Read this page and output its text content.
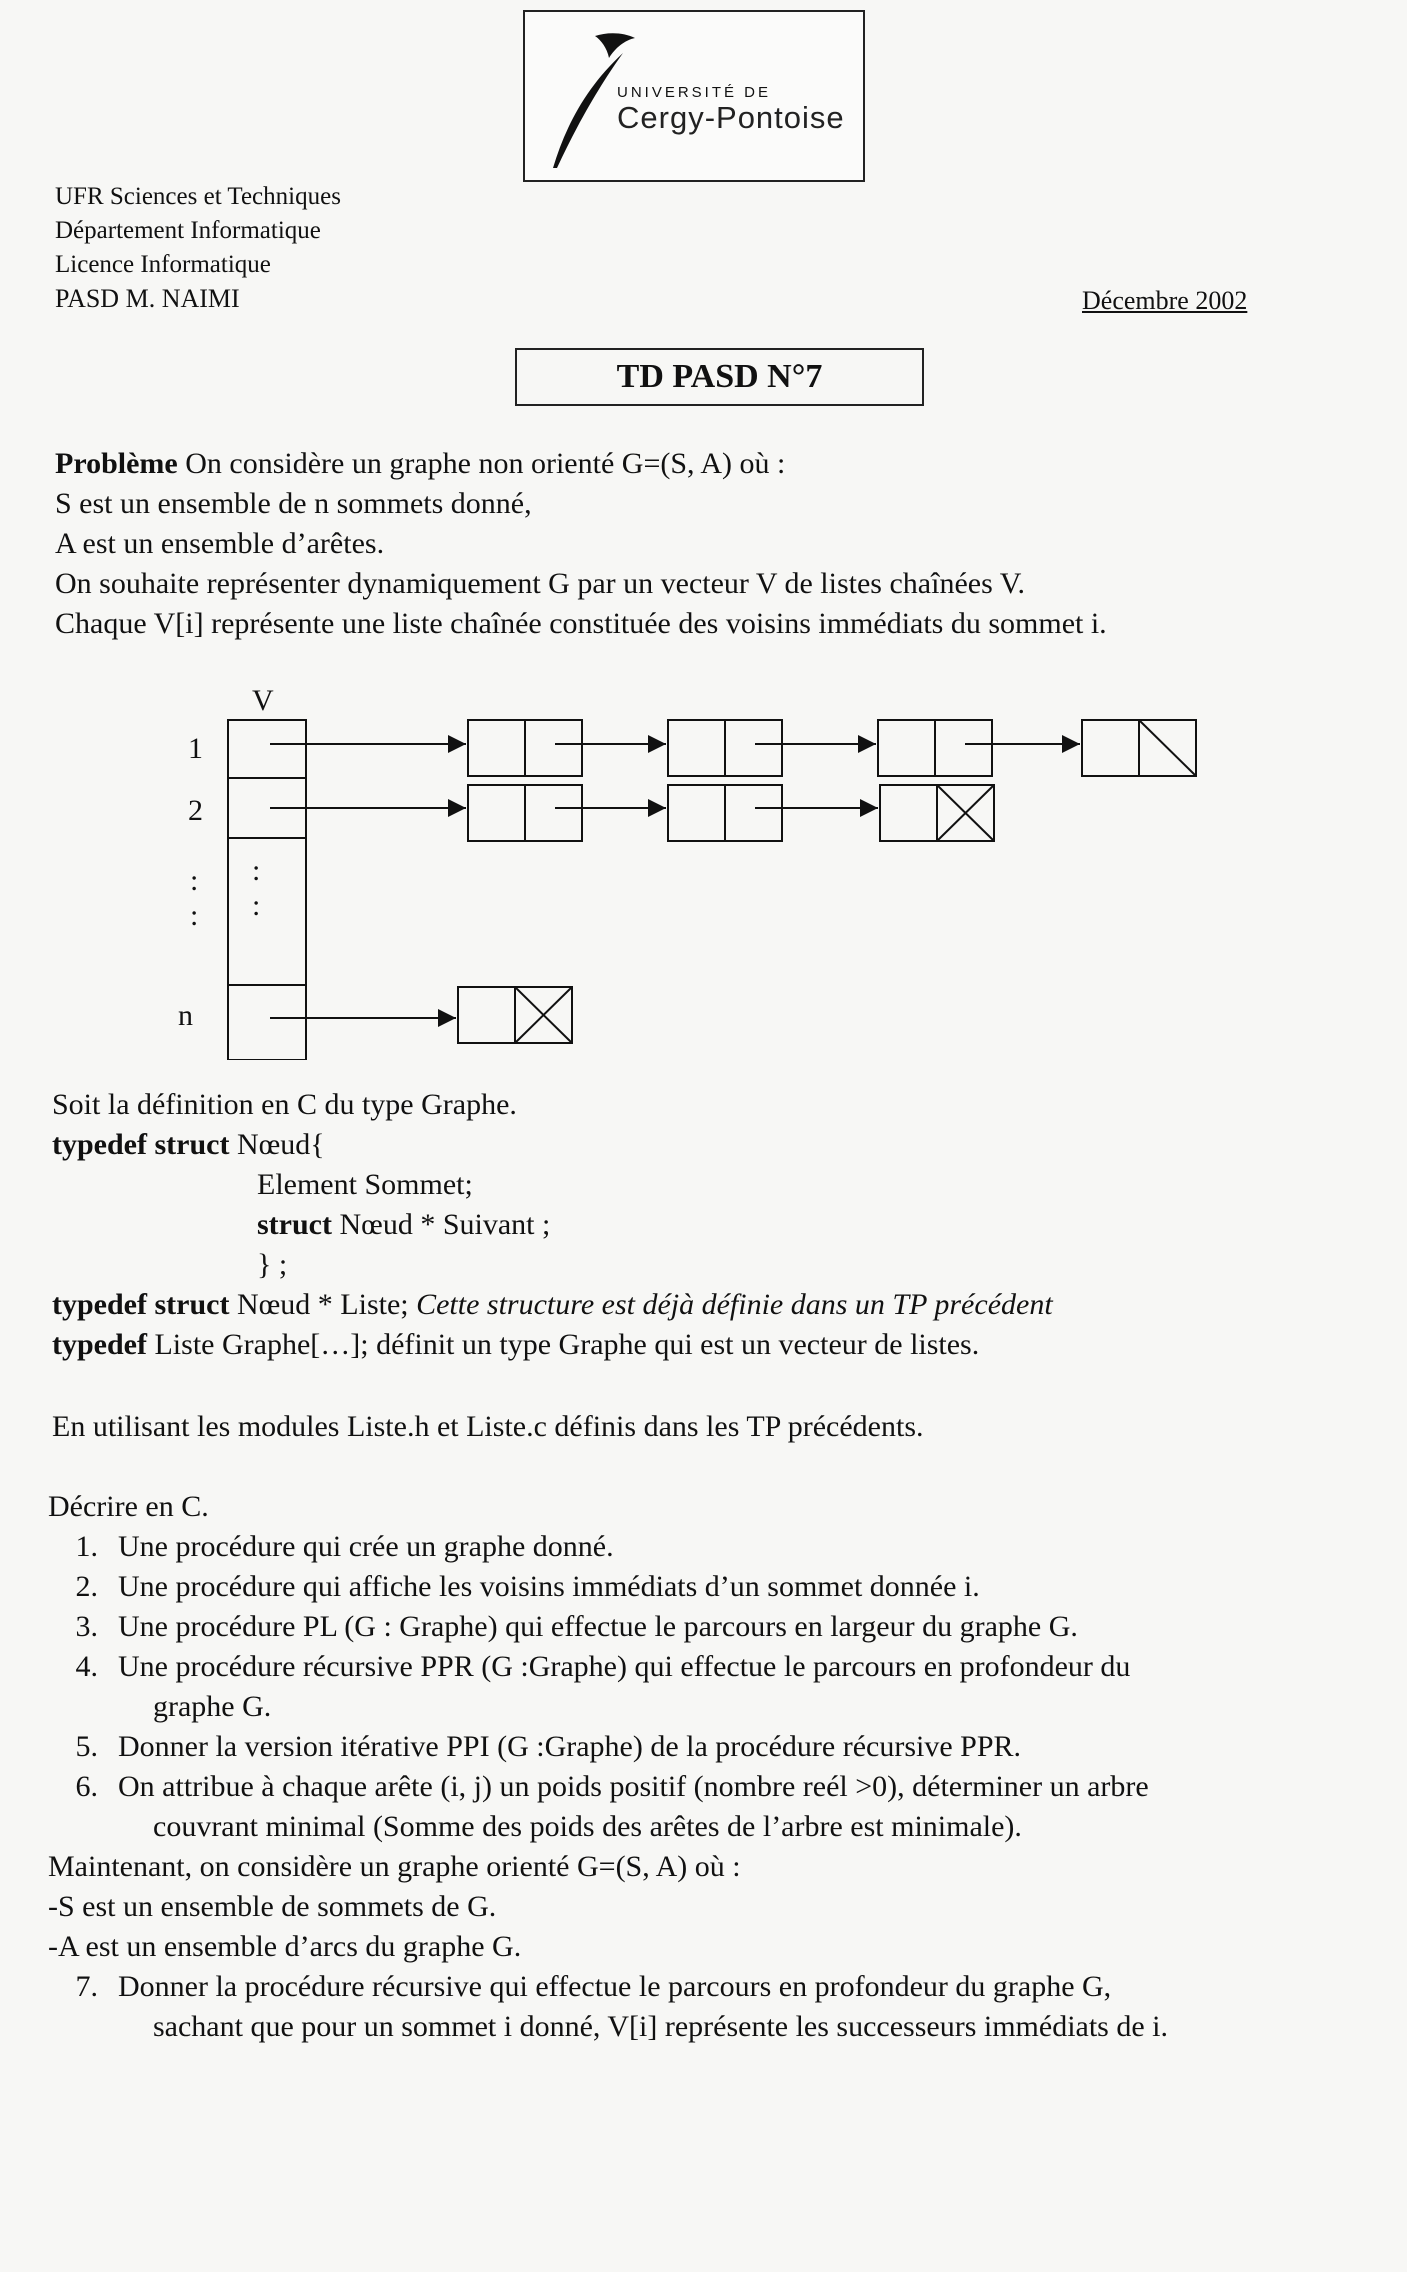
UNIVERSITÉ DE
Cergy-Pontoise
UFR Sciences et Techniques
Département Informatique
Licence Informatique
PASD M. NAIMI	Décembre 2002
TD PASD N°7

Problème On considère un graphe non orienté G=(S, A) où :

S est un ensemble de n sommets donné,

A est un ensemble d’arêtes.

On souhaite représenter dynamiquement G par un vecteur V de listes chaînées V.

Chaque V[i] représente une liste chaînée constituée des voisins immédiats du sommet i.

V
1
2
:
:
n
:
:

Soit la définition en C du type Graphe.

typedef struct Nœud{

Element Sommet;

struct Nœud * Suivant ;

} ;

typedef struct Nœud * Liste; Cette structure est déjà définie dans un TP précédent

typedef Liste Graphe[…]; définit un type Graphe qui est un vecteur de listes.

En utilisant les modules Liste.h et Liste.c définis dans les TP précédents.

Décrire en C.

1. Une procédure qui crée un graphe donné.
2. Une procédure qui affiche les voisins immédiats d’un sommet donnée i.
3. Une procédure PL (G : Graphe) qui effectue le parcours en largeur du graphe G.
4. Une procédure récursive PPR (G :Graphe) qui effectue le parcours en profondeur du
graphe G.
5. Donner la version itérative PPI (G :Graphe) de la procédure récursive PPR.
6. On attribue à chaque arête (i, j) un poids positif (nombre reél >0), déterminer un arbre
couvrant minimal (Somme des poids des arêtes de l’arbre est minimale).

Maintenant, on considère un graphe orienté G=(S, A) où :

-S est un ensemble de sommets de G.

-A est un ensemble d’arcs du graphe G.

7. Donner la procédure récursive qui effectue le parcours en profondeur du graphe G,
sachant que pour un sommet i donné, V[i] représente les successeurs immédiats de i.
